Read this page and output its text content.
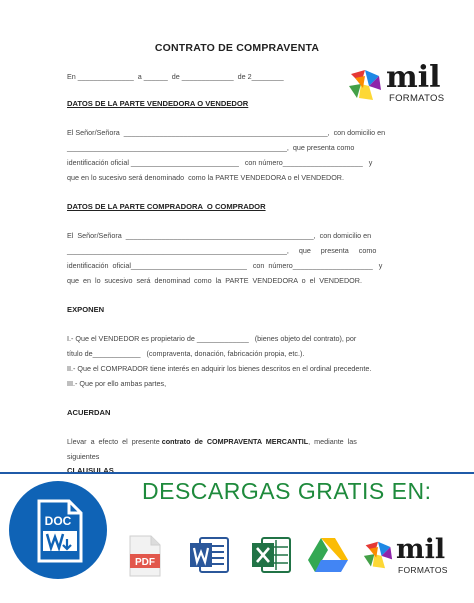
CONTRATO DE COMPRAVENTA
mil
FORMATOS
En ______________  a ______  de _____________  de 2________
DATOS DE LA PARTE VENDEDORA O VENDEDOR
El Señor/Señora  ___________________________________________________,  con domicilio en
_______________________________________________________,  que presenta como
identificación oficial ___________________________   con número____________________   y
que en lo sucesivo será denominado  como la PARTE VENDEDORA o el VENDEDOR.
DATOS DE LA PARTE COMPRADORA  O COMPRADOR
El  Señor/Señora  _______________________________________________,  con domicilio en
_______________________________________________________,     que     presenta     como
identificación  oficial_____________________________   con  número____________________   y
que  en  lo  sucesivo  será  denominad  como  la  PARTE  VENDEDORA  o  el  VENDEDOR.
EXPONEN
I.- Que el VENDEDOR es propietario de _____________   (bienes objeto del contrato), por
título de____________   (compraventa, donación, fabricación propia, etc.).
II.- Que el COMPRADOR tiene interés en adquirir los bienes descritos en el ordinal precedente.
III.- Que por ello ambas partes,
ACUERDAN
Llevar  a  efecto  el  presente contrato  de  COMPRAVENTA  MERCANTIL,  mediante  las
siguientes
CLAUSULAS
DESCARGAS GRATIS EN:
DOC
PDF	mil
FORMATOS
